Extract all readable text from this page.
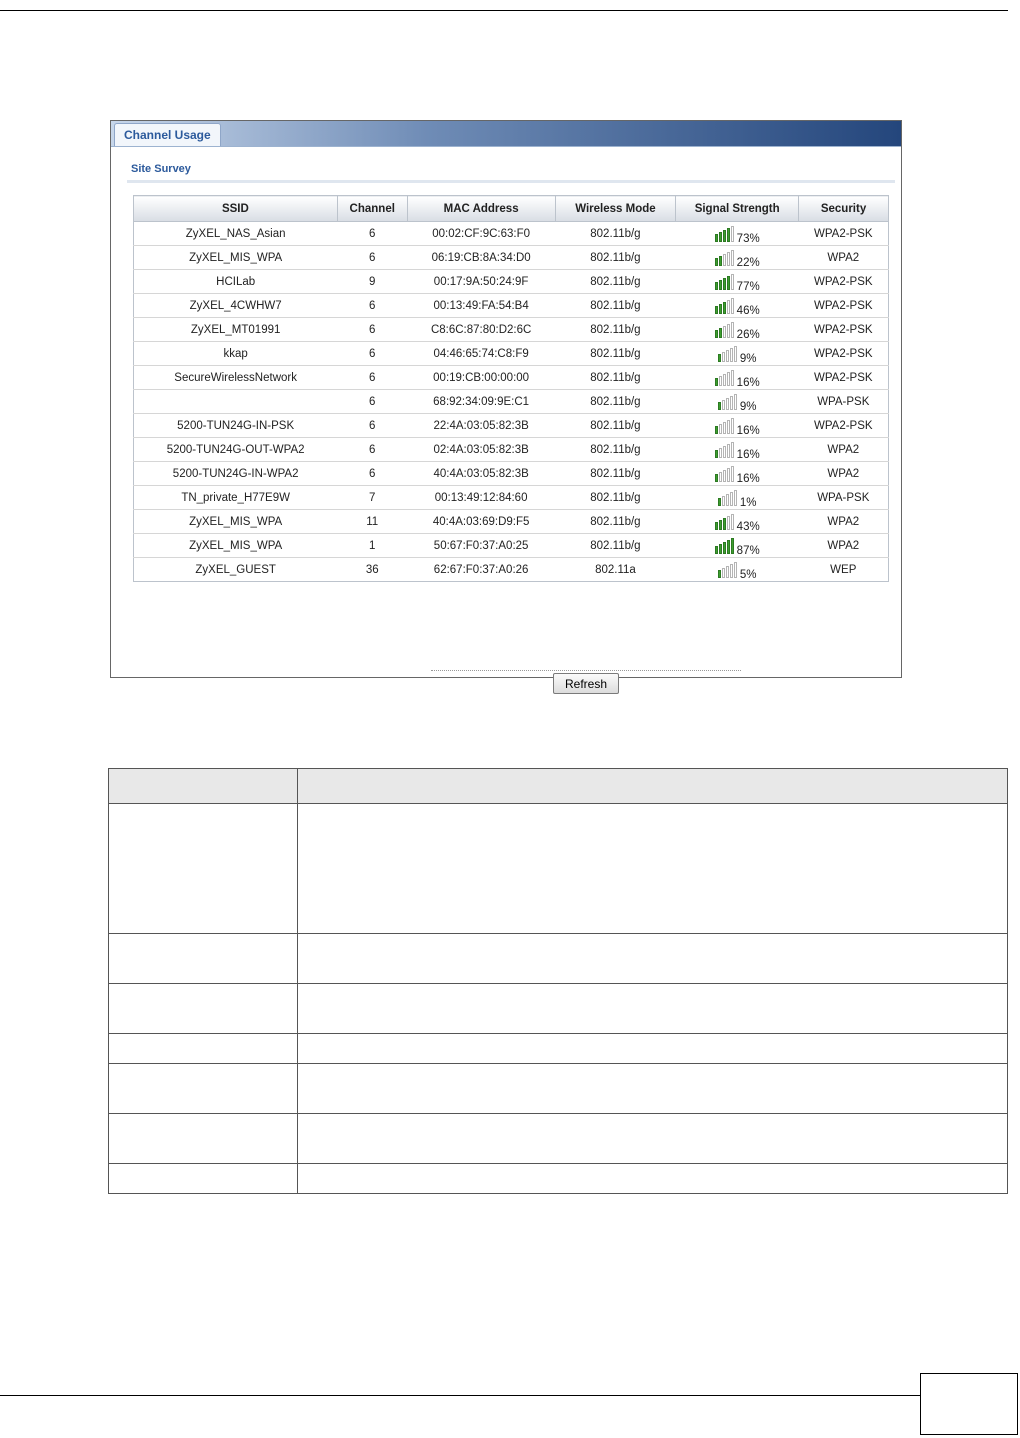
Channel Usage
Site Survey
SSID	Channel	MAC Address	Wireless Mode	Signal Strength	Security
ZyXEL_NAS_Asian	6	00:02:CF:9C:63:F0	802.11b/g	73%	WPA2-PSK
ZyXEL_MIS_WPA	6	06:19:CB:8A:34:D0	802.11b/g	22%	WPA2
HCILab	9	00:17:9A:50:24:9F	802.11b/g	77%	WPA2-PSK
ZyXEL_4CWHW7	6	00:13:49:FA:54:B4	802.11b/g	46%	WPA2-PSK
ZyXEL_MT01991	6	C8:6C:87:80:D2:6C	802.11b/g	26%	WPA2-PSK
kkap	6	04:46:65:74:C8:F9	802.11b/g	9%	WPA2-PSK
SecureWirelessNetwork	6	00:19:CB:00:00:00	802.11b/g	16%	WPA2-PSK
	6	68:92:34:09:9E:C1	802.11b/g	9%	WPA-PSK
5200-TUN24G-IN-PSK	6	22:4A:03:05:82:3B	802.11b/g	16%	WPA2-PSK
5200-TUN24G-OUT-WPA2	6	02:4A:03:05:82:3B	802.11b/g	16%	WPA2
5200-TUN24G-IN-WPA2	6	40:4A:03:05:82:3B	802.11b/g	16%	WPA2
TN_private_H77E9W	7	00:13:49:12:84:60	802.11b/g	1%	WPA-PSK
ZyXEL_MIS_WPA	11	40:4A:03:69:D9:F5	802.11b/g	43%	WPA2
ZyXEL_MIS_WPA	1	50:67:F0:37:A0:25	802.11b/g	87%	WPA2
ZyXEL_GUEST	36	62:67:F0:37:A0:26	802.11a	5%	WEP
Refresh
